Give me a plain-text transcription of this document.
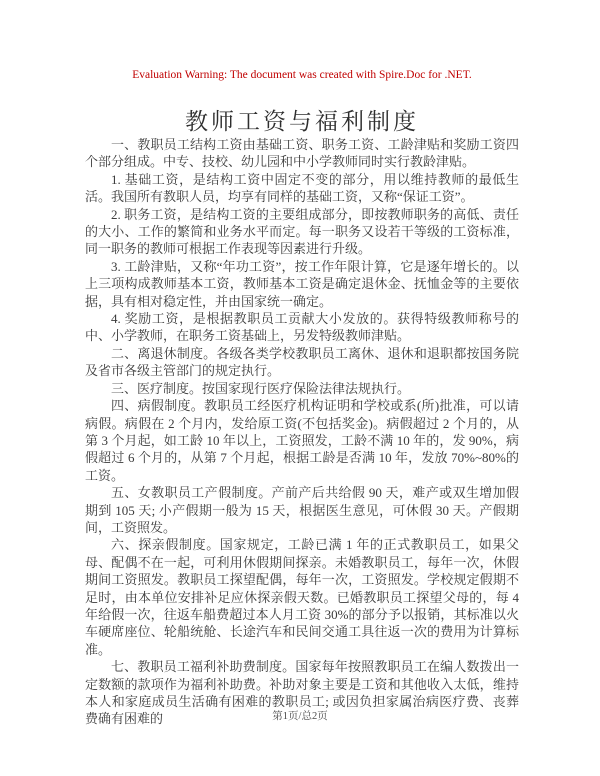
Evaluation Warning: The document was created with Spire.Doc for .NET.
教师工资与福利制度

一、教职员工结构工资由基础工资、职务工资、工龄津贴和奖励工资四个部分组成。中专、技校、幼儿园和中小学教师同时实行教龄津贴。

1. 基础工资，是结构工资中固定不变的部分，用以维持教师的最低生活。我国所有教职人员，均享有同样的基础工资，又称“保证工资”。

2. 职务工资，是结构工资的主要组成部分，即按教师职务的高低、责任的大小、工作的繁简和业务水平而定。每一职务又设若干等级的工资标准，同一职务的教师可根据工作表现等因素进行升级。

3. 工龄津贴，又称“年功工资”，按工作年限计算，它是逐年增长的。以上三项构成教师基本工资，教师基本工资是确定退休金、抚恤金等的主要依据，具有相对稳定性，并由国家统一确定。

4. 奖励工资，是根据教职员工贡献大小发放的。获得特级教师称号的中、小学教师，在职务工资基础上，另发特级教师津贴。

二、离退休制度。各级各类学校教职员工离休、退休和退职都按国务院及省市各级主管部门的规定执行。

三、医疗制度。按国家现行医疗保险法律法规执行。

四、病假制度。教职员工经医疗机构证明和学校或系(所)批准，可以请病假。病假在 2 个月内，发给原工资(不包括奖金)。病假超过 2 个月的，从第 3 个月起，如工龄 10 年以上，工资照发，工龄不满 10 年的，发 90%，病假超过 6 个月的，从第 7 个月起，根据工龄是否满 10 年，发放 70%~80%的工资。

五、女教职员工产假制度。产前产后共给假 90 天，难产或双生增加假期到 105 天; 小产假期一般为 15 天，根据医生意见，可休假 30 天。产假期间，工资照发。

六、探亲假制度。国家规定，工龄已满 1 年的正式教职员工，如果父母、配偶不在一起，可利用休假期间探亲。未婚教职员工，每年一次，休假期间工资照发。教职员工探望配偶，每年一次，工资照发。学校规定假期不足时，由本单位安排补足应休探亲假天数。已婚教职员工探望父母的，每 4 年给假一次，往返车船费超过本人月工资 30%的部分予以报销，其标准以火车硬席座位、轮船统舱、长途汽车和民间交通工具往返一次的费用为计算标准。

七、教职员工福利补助费制度。国家每年按照教职员工在编人数拨出一定数额的款项作为福利补助费。补助对象主要是工资和其他收入太低，维持本人和家庭成员生活确有困难的教职员工; 或因负担家属治病医疗费、丧葬费确有困难的	第1页/总2页
